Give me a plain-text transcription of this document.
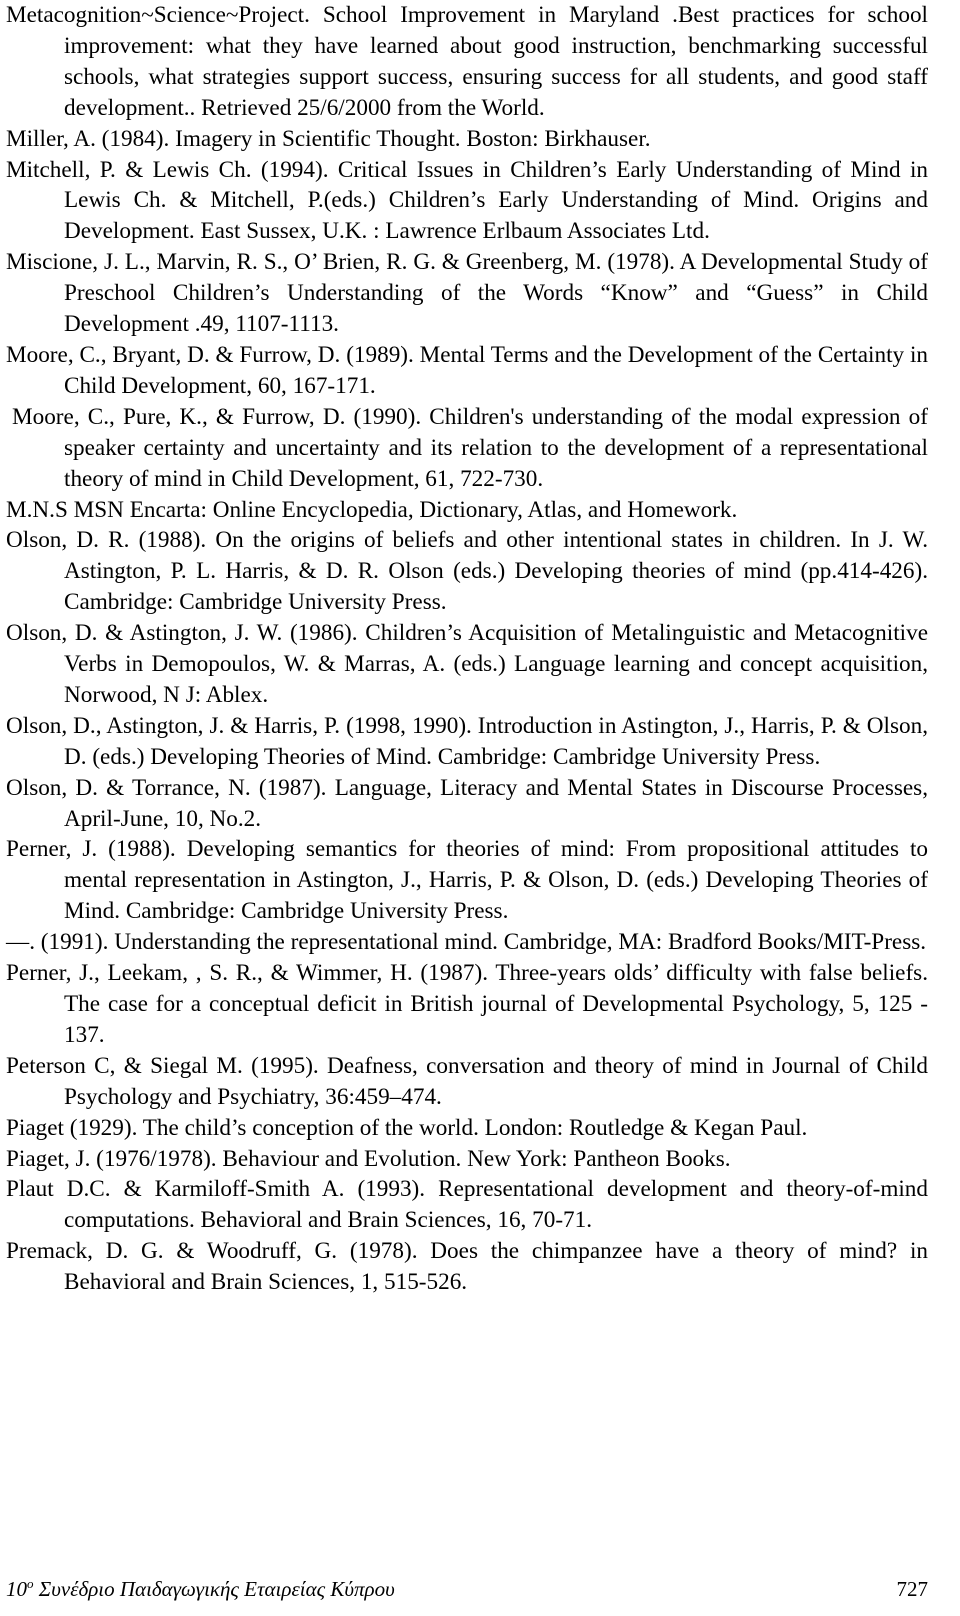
Metacognition~Science~Project. School Improvement in Maryland .Best practices for school improvement: what they have learned about good instruction, benchmarking successful schools, what strategies support success, ensuring success for all students, and good staff development.. Retrieved 25/6/2000 from the World.

Miller, A. (1984). Imagery in Scientific Thought. Boston: Birkhauser.

Mitchell, P. & Lewis Ch. (1994). Critical Issues in Children’s Early Understanding of Mind in Lewis Ch. & Mitchell, P.(eds.) Children’s Early Understanding of Mind. Origins and Development. East Sussex, U.K. : Lawrence Erlbaum Associates Ltd.

Miscione, J. L., Marvin, R. S., O’ Brien, R. G. & Greenberg, M. (1978). A Developmental Study of Preschool Children’s Understanding of the Words “Know” and “Guess” in Child Development .49, 1107-1113.

Moore, C., Bryant, D. & Furrow, D. (1989). Mental Terms and the Development of the Certainty in Child Development, 60, 167-171.

Moore, C., Pure, K., & Furrow, D. (1990). Children's understanding of the modal expression of speaker certainty and uncertainty and its relation to the development of a representational theory of mind in Child Development, 61, 722-730.

M.N.S MSN Encarta: Online Encyclopedia, Dictionary, Atlas, and Homework.

Olson, D. R. (1988). On the origins of beliefs and other intentional states in children. In J. W. Astington, P. L. Harris, & D. R. Olson (eds.) Developing theories of mind (pp.414-426). Cambridge: Cambridge University Press.

Olson, D. & Astington, J. W. (1986). Children’s Acquisition of Metalinguistic and Metacognitive Verbs in Demopoulos, W. & Marras, A. (eds.) Language learning and concept acquisition, Norwood, N J: Ablex.

Olson, D., Astington, J. & Harris, P. (1998, 1990). Introduction in Astington, J., Harris, P. & Olson, D. (eds.) Developing Theories of Mind. Cambridge: Cambridge University Press.

Olson, D. & Torrance, N. (1987). Language, Literacy and Mental States in Discourse Processes, April-June, 10, No.2.

Perner, J. (1988). Developing semantics for theories of mind: From propositional attitudes to mental representation in Astington, J., Harris, P. & Olson, D. (eds.) Developing Theories of Mind. Cambridge: Cambridge University Press.

—. (1991). Understanding the representational mind. Cambridge, MA: Bradford Books/MIT-Press.

Perner, J., Leekam, , S. R., & Wimmer, H. (1987). Three-years olds’ difficulty with false beliefs. The case for a conceptual deficit in British journal of Developmental Psychology, 5, 125 - 137.

Peterson C, & Siegal M. (1995). Deafness, conversation and theory of mind in Journal of Child Psychology and Psychiatry, 36:459–474.

Piaget (1929). The child’s conception of the world. London: Routledge & Kegan Paul.

Piaget, J. (1976/1978). Behaviour and Evolution. New York: Pantheon Books.

Plaut D.C. & Karmiloff-Smith A. (1993). Representational development and theory-of-mind computations. Behavioral and Brain Sciences, 16, 70-71.

Premack, D. G. & Woodruff, G. (1978). Does the chimpanzee have a theory of mind? in Behavioral and Brain Sciences, 1, 515-526.

$10^o$ Συνέδριο Παιδαγωγικής Εταιρείας Κύπρου	727
